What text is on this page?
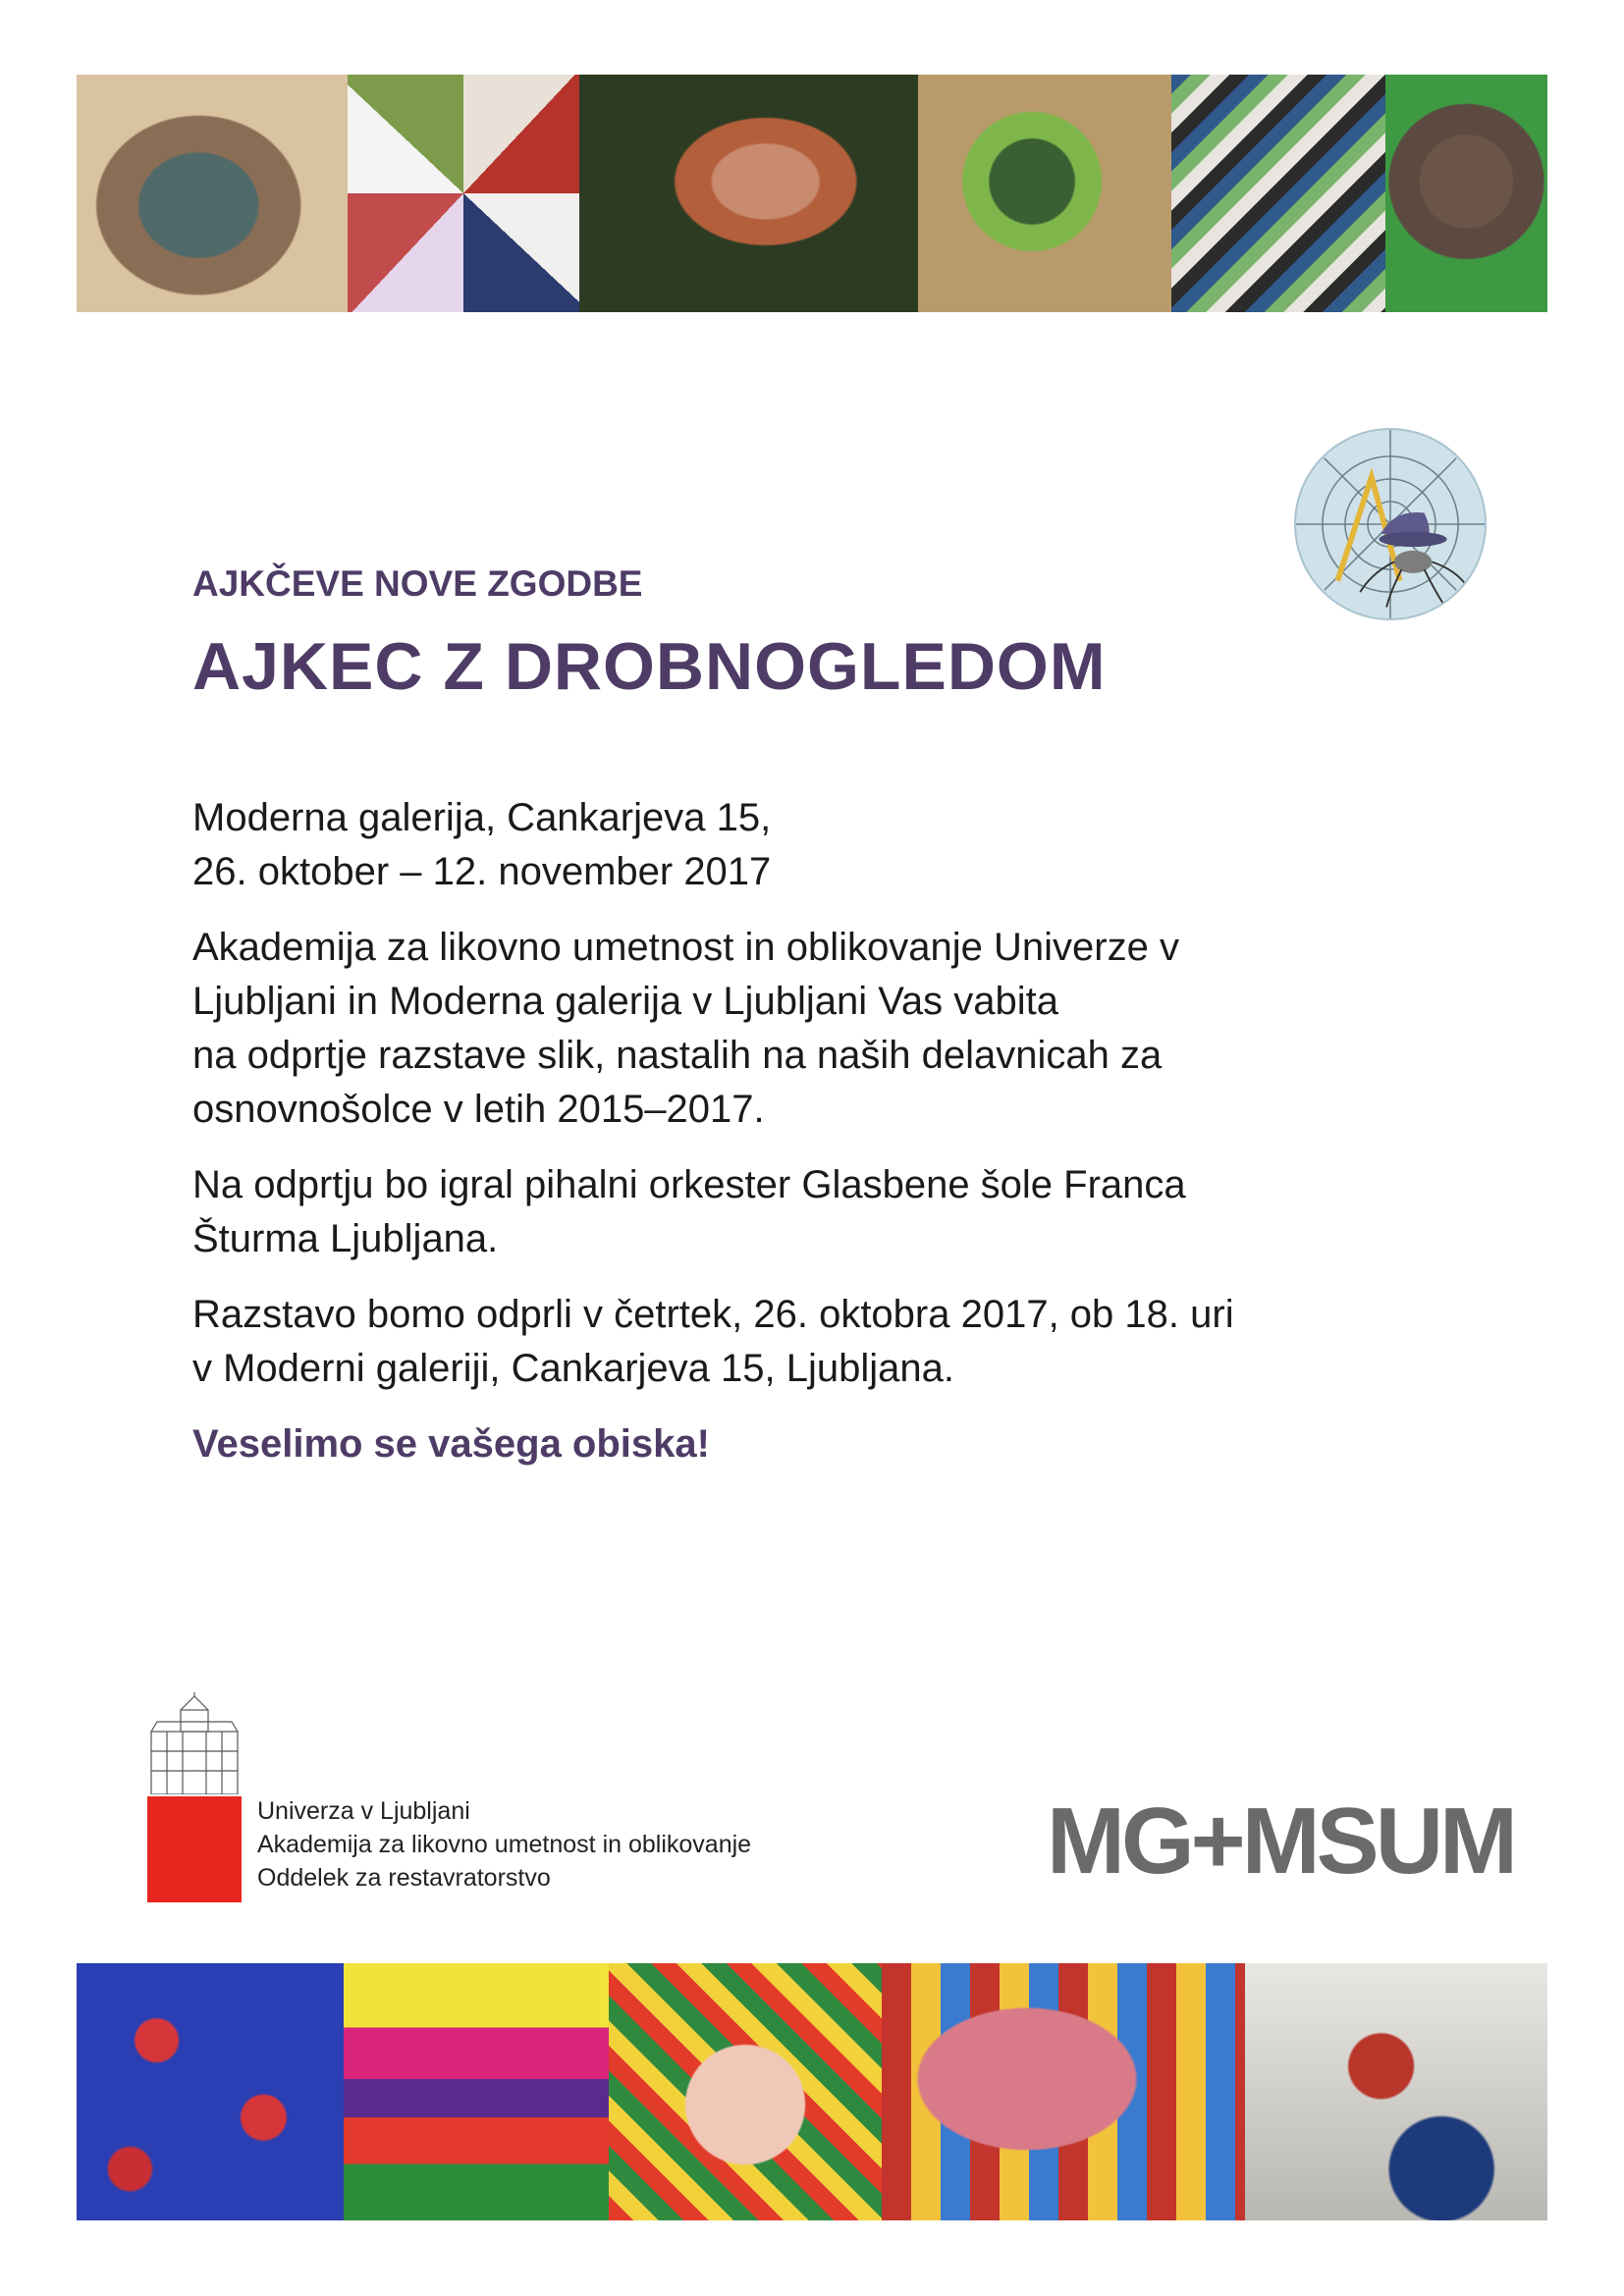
AJKČEVE NOVE ZGODBE
AJKEC Z DROBNOGLEDOM

Moderna galerija, Cankarjeva 15,
26. oktober – 12. november 2017

Akademija za likovno umetnost in oblikovanje Univerze v
Ljubljani in Moderna galerija v Ljubljani Vas vabita
na odprtje razstave slik, nastalih na naših delavnicah za
osnovnošolce v letih 2015–2017.

Na odprtju bo igral pihalni orkester Glasbene šole Franca
Šturma Ljubljana.

Razstavo bomo odprli v četrtek, 26. oktobra 2017, ob 18. uri
v Moderni galeriji, Cankarjeva 15, Ljubljana.

Veselimo se vašega obiska!

Univerza v Ljubljani
Akademija za likovno umetnost in oblikovanje
Oddelek za restavratorstvo	MG+MSUM
